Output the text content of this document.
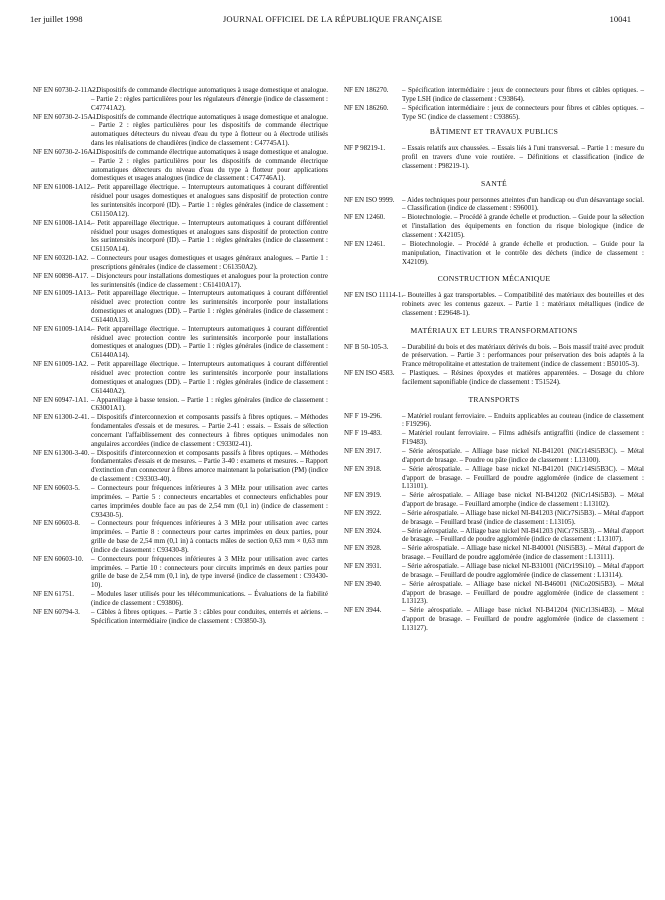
1er juillet 1998	JOURNAL OFFICIEL DE LA RÉPUBLIQUE FRANÇAISE	10041

NF EN 60730-2-11A2.
– Dispositifs de commande électrique automatiques à usage domestique et analogue. – Partie 2 : règles particulières pour les régulateurs d'énergie (indice de classement : C47741A2).

NF EN 60730-2-15A1.
– Dispositifs de commande électrique automatiques à usage domestique et analogue. – Partie 2 : règles particulières pour les dispositifs de commande électrique automatiques détecteurs du niveau d'eau du type à flotteur ou à électrode utilisés dans les réalisations de chaudières (indice de classement : C47745A1).

NF EN 60730-2-16A1.
– Dispositifs de commande électrique automatiques à usage domestique et analogue. – Partie 2 : règles particulières pour les dispositifs de commande électrique automatiques détecteurs du niveau d'eau du type à flotteur pour applications domestiques et usages analogues (indice de classement : C47746A1).

NF EN 61008-1A12. – Petit appareillage électrique. – Interrupteurs automatiques à courant différentiel résiduel pour usages domestiques et analogues sans dispositif de protection contre les surintensités incorporé (ID). – Partie 1 : règles générales (indice de classement : C61150A12).

NF EN 61008-1A14. – Petit appareillage électrique. – Interrupteurs automatiques à courant différentiel résiduel pour usages domestiques et analogues sans dispositif de protection contre les surintensités incorporé (ID). – Partie 1 : règles générales (indice de classement : C61150A14).

NF EN 60320-1A2. – Connecteurs pour usages domestiques et usages généraux analogues. – Partie 1 : prescriptions générales (indice de classement : C61350A2).

NF EN 60898-A17. – Disjoncteurs pour installations domestiques et analogues pour la protection contre les surintensités (indice de classement : C61410A17).

NF EN 61009-1A13. – Petit appareillage électrique. – Interrupteurs automatiques à courant différentiel résiduel avec protection contre les surintensités incorporée pour installations domestiques et analogues (DD). – Partie 1 : règles générales (indice de classement : C61440A13).

NF EN 61009-1A14. – Petit appareillage électrique. – Interrupteurs automatiques à courant différentiel résiduel avec protection contre les surintensités incorporée pour installations domestiques et analogues (DD). – Partie 1 : règles générales (indice de classement : C61440A14).

NF EN 61009-1A2. – Petit appareillage électrique. – Interrupteurs automatiques à courant différentiel résiduel avec protection contre les surintensités incorporée pour installations domestiques et analogues (DD). – Partie 1 : règles générales (indice de classement : C61440A2).

NF EN 60947-1A1. – Appareillage à basse tension. – Partie 1 : règles générales (indice de classement : C63001A1).

NF EN 61300-2-41. – Dispositifs d'interconnexion et composants passifs à fibres optiques. – Méthodes fondamentales d'essais et de mesures. – Partie 2-41 : essais. – Essais de sélection concernant l'affaiblissement des connecteurs à fibres optiques unimodales non angulaires accordées (indice de classement : C93302-41).

NF EN 61300-3-40. – Dispositifs d'interconnexion et composants passifs à fibres optiques. – Méthodes fondamentales d'essais et de mesures. – Partie 3-40 : examens et mesures. – Rapport d'extinction d'un connecteur à fibres amorce maintenant la polarisation (PM) (indice de classement : C93303-40).

NF EN 60603-5. – Connecteurs pour fréquences inférieures à 3 MHz pour utilisation avec cartes imprimées. – Partie 5 : connecteurs encartables et connecteurs enfichables pour cartes imprimées double face au pas de 2,54 mm (0,1 in) (indice de classement : C93430-5).

NF EN 60603-8. – Connecteurs pour fréquences inférieures à 3 MHz pour utilisation avec cartes imprimées. – Partie 8 : connecteurs pour cartes imprimées en deux parties, pour grille de base de 2,54 mm (0,1 in) à contacts mâles de section 0,63 mm × 0,63 mm (indice de classement : C93430-8).

NF EN 60603-10. – Connecteurs pour fréquences inférieures à 3 MHz pour utilisation avec cartes imprimées. – Partie 10 : connecteurs pour circuits imprimés en deux parties pour grille de base de 2,54 mm (0,1 in), de type inversé (indice de classement : C93430-10).

NF EN 61751. – Modules laser utilisés pour les télécommunications. – Évaluations de la fiabilité (indice de classement : C93806).

NF EN 60794-3. – Câbles à fibres optiques. – Partie 3 : câbles pour conduites, enterrés et aériens. – Spécification intermédiaire (indice de classement : C93850-3).

NF EN 186270. – Spécification intermédiaire : jeux de connecteurs pour fibres et câbles optiques. – Type LSH (indice de classement : C93864).

NF EN 186260. – Spécification intermédiaire : jeux de connecteurs pour fibres et câbles optiques. – Type SC (indice de classement : C93865).

BÂTIMENT ET TRAVAUX PUBLICS

NF P 98219-1. – Essais relatifs aux chaussées. – Essais liés à l'uni transversal. – Partie 1 : mesure du profil en travers d'une voie routière. – Définitions et classification (indice de classement : P98219-1).

SANTÉ

NF EN ISO 9999. – Aides techniques pour personnes atteintes d'un handicap ou d'un désavantage social. – Classification (indice de classement : S96001).

NF EN 12460. – Biotechnologie. – Procédé à grande échelle et production. – Guide pour la sélection et l'installation des équipements en fonction du risque biologique (indice de classement : X42105).

NF EN 12461. – Biotechnologie. – Procédé à grande échelle et production. – Guide pour la manipulation, l'inactivation et le contrôle des déchets (indice de classement : X42109).

CONSTRUCTION MÉCANIQUE

NF EN ISO 11114-1.
– Bouteilles à gaz transportables. – Compatibilité des matériaux des bouteilles et des robinets avec les contenus gazeux. – Partie 1 : matériaux métalliques (indice de classement : E29648-1).

MATÉRIAUX ET LEURS TRANSFORMATIONS

NF B 50-105-3. – Durabilité du bois et des matériaux dérivés du bois. – Bois massif traité avec produit de préservation. – Partie 3 : performances pour préservation des bois adaptés à la France métropolitaine et attestation de traitement (indice de classement : B50105-3).

NF EN ISO 4583. – Plastiques. – Résines époxydes et matières apparentées. – Dosage du chlore facilement saponifiable (indice de classement : T51524).

TRANSPORTS

NF F 19-296.	– Matériel roulant ferroviaire. – Enduits applicables au couteau (indice de classement : F19296).

NF F 19-483.	– Matériel roulant ferroviaire. – Films adhésifs antigraffiti (indice de classement : F19483).

NF EN 3917.	– Série aérospatiale. – Alliage base nickel NI-B41201 (NiCr14Si5B3C). – Métal d'apport de brasage. – Poudre ou pâte (indice de classement : L13100).

NF EN 3918.	– Série aérospatiale. – Alliage base nickel NI-B41201 (NiCr14Si5B3C). – Métal d'apport de brasage. – Feuillard de poudre agglomérée (indice de classement : L13101).

NF EN 3919.	– Série aérospatiale. – Alliage base nickel NI-B41202 (NiCr14Si5B3). – Métal d'apport de brasage. – Feuillard amorphe (indice de classement : L13102).

NF EN 3922.	– Série aérospatiale. – Alliage base nickel NI-B41203 (NiCr7Si5B3). – Métal d'apport de brasage. – Feuillard brasé (indice de classement : L13105).

NF EN 3924.	– Série aérospatiale. – Alliage base nickel NI-B41203 (NiCr7Si5B3). – Métal d'apport de brasage. – Feuillard de poudre agglomérée (indice de classement : L13107).

NF EN 3928.	– Série aérospatiale. – Alliage base nickel NI-B40001 (NiSi5B3). – Métal d'apport de brasage. – Feuillard de poudre agglomérée (indice de classement : L13111).

NF EN 3931.	– Série aérospatiale. – Alliage base nickel NI-B31001 (NiCr19Si10). – Métal d'apport de brasage. – Feuillard de poudre agglomérée (indice de classement : L13114).

NF EN 3940.	– Série aérospatiale. – Alliage base nickel NI-B46001 (NiCo20Si5B3). – Métal d'apport de brasage. – Feuillard de poudre agglomérée (indice de classement : L13123).

NF EN 3944.	– Série aérospatiale. – Alliage base nickel NI-B41204 (NiCr13Si4B3). – Métal d'apport de brasage. – Feuillard de poudre agglomérée (indice de classement : L13127).
